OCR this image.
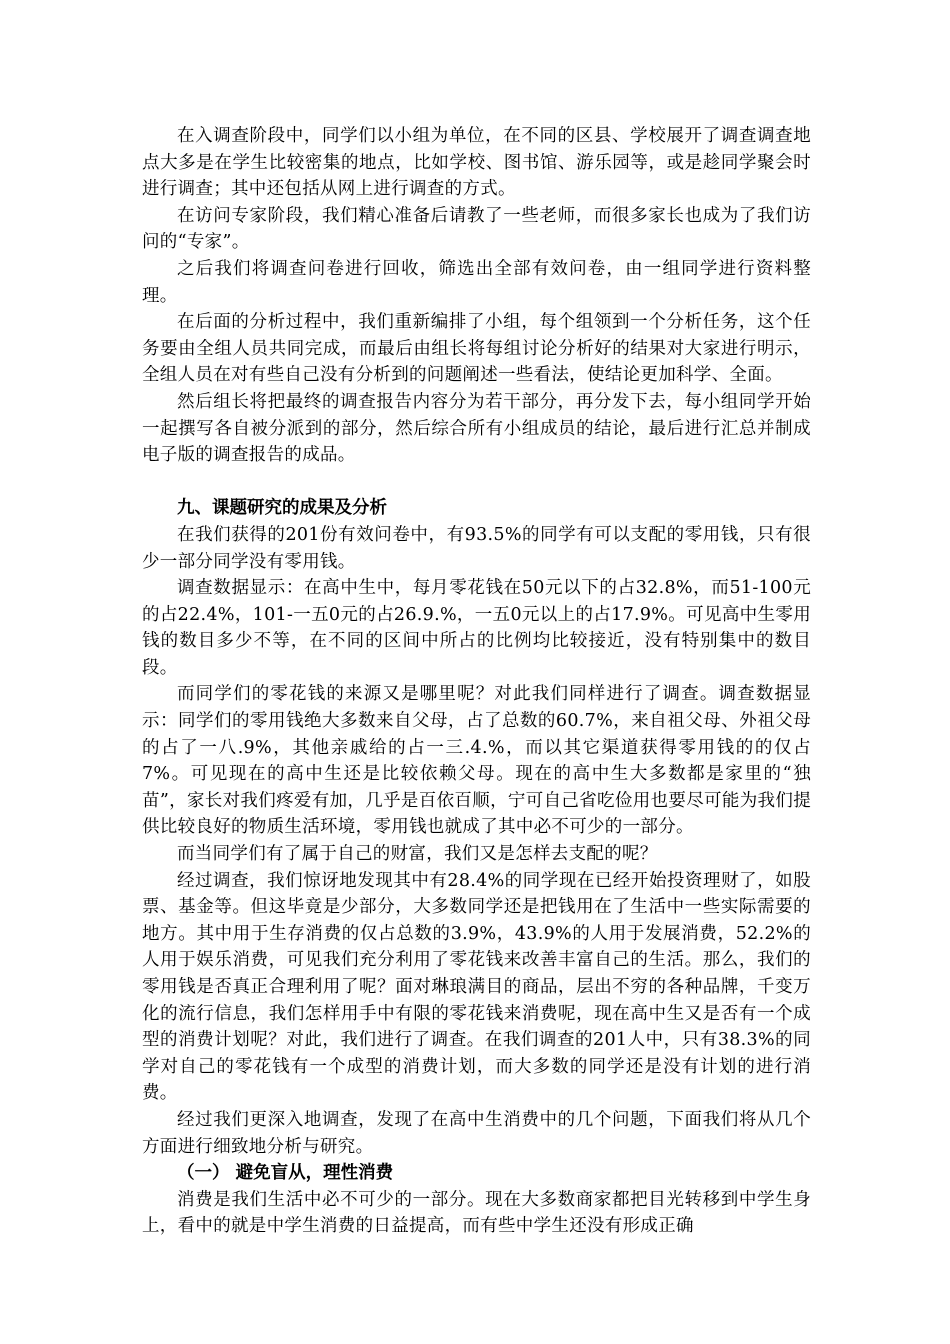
在入调查阶段中，同学们以小组为单位，在不同的区县、学校展开了调查调查地点大多是在学生比较密集的地点，比如学校、图书馆、游乐园等，或是趁同学聚会时进行调查；其中还包括从网上进行调查的方式。

在访问专家阶段，我们精心准备后请教了一些老师，而很多家长也成为了我们访问的“专家”。

之后我们将调查问卷进行回收，筛选出全部有效问卷，由一组同学进行资料整理。

在后面的分析过程中，我们重新编排了小组，每个组领到一个分析任务，这个任务要由全组人员共同完成，而最后由组长将每组讨论分析好的结果对大家进行明示，全组人员在对有些自己没有分析到的问题阐述一些看法，使结论更加科学、全面。

然后组长将把最终的调查报告内容分为若干部分，再分发下去，每小组同学开始一起撰写各自被分派到的部分，然后综合所有小组成员的结论，最后进行汇总并制成电子版的调查报告的成品。

九、课题研究的成果及分析

在我们获得的201份有效问卷中，有93.5%的同学有可以支配的零用钱，只有很少一部分同学没有零用钱。

调查数据显示：在高中生中，每月零花钱在50元以下的占32.8%，而51-100元的占22.4%，101-一五0元的占26.9.%，一五0元以上的占17.9%。可见高中生零用钱的数目多少不等，在不同的区间中所占的比例均比较接近，没有特别集中的数目段。

而同学们的零花钱的来源又是哪里呢？对此我们同样进行了调查。调查数据显示：同学们的零用钱绝大多数来自父母，占了总数的60.7%，来自祖父母、外祖父母的占了一八.9%，其他亲戚给的占一三.4.%，而以其它渠道获得零用钱的的仅占7%。可见现在的高中生还是比较依赖父母。现在的高中生大多数都是家里的“独苗”，家长对我们疼爱有加，几乎是百依百顺，宁可自己省吃俭用也要尽可能为我们提供比较良好的物质生活环境，零用钱也就成了其中必不可少的一部分。

而当同学们有了属于自己的财富，我们又是怎样去支配的呢？

经过调查，我们惊讶地发现其中有28.4%的同学现在已经开始投资理财了，如股票、基金等。但这毕竟是少部分，大多数同学还是把钱用在了生活中一些实际需要的地方。其中用于生存消费的仅占总数的3.9%，43.9%的人用于发展消费，52.2%的人用于娱乐消费，可见我们充分利用了零花钱来改善丰富自己的生活。那么，我们的零用钱是否真正合理利用了呢？面对琳琅满目的商品，层出不穷的各种品牌，千变万化的流行信息，我们怎样用手中有限的零花钱来消费呢，现在高中生又是否有一个成型的消费计划呢？对此，我们进行了调查。在我们调查的201人中，只有38.3%的同学对自己的零花钱有一个成型的消费计划，而大多数的同学还是没有计划的进行消费。

经过我们更深入地调查，发现了在高中生消费中的几个问题，下面我们将从几个方面进行细致地分析与研究。

（一） 避免盲从，理性消费

消费是我们生活中必不可少的一部分。现在大多数商家都把目光转移到中学生身上，看中的就是中学生消费的日益提高，而有些中学生还没有形成正确
